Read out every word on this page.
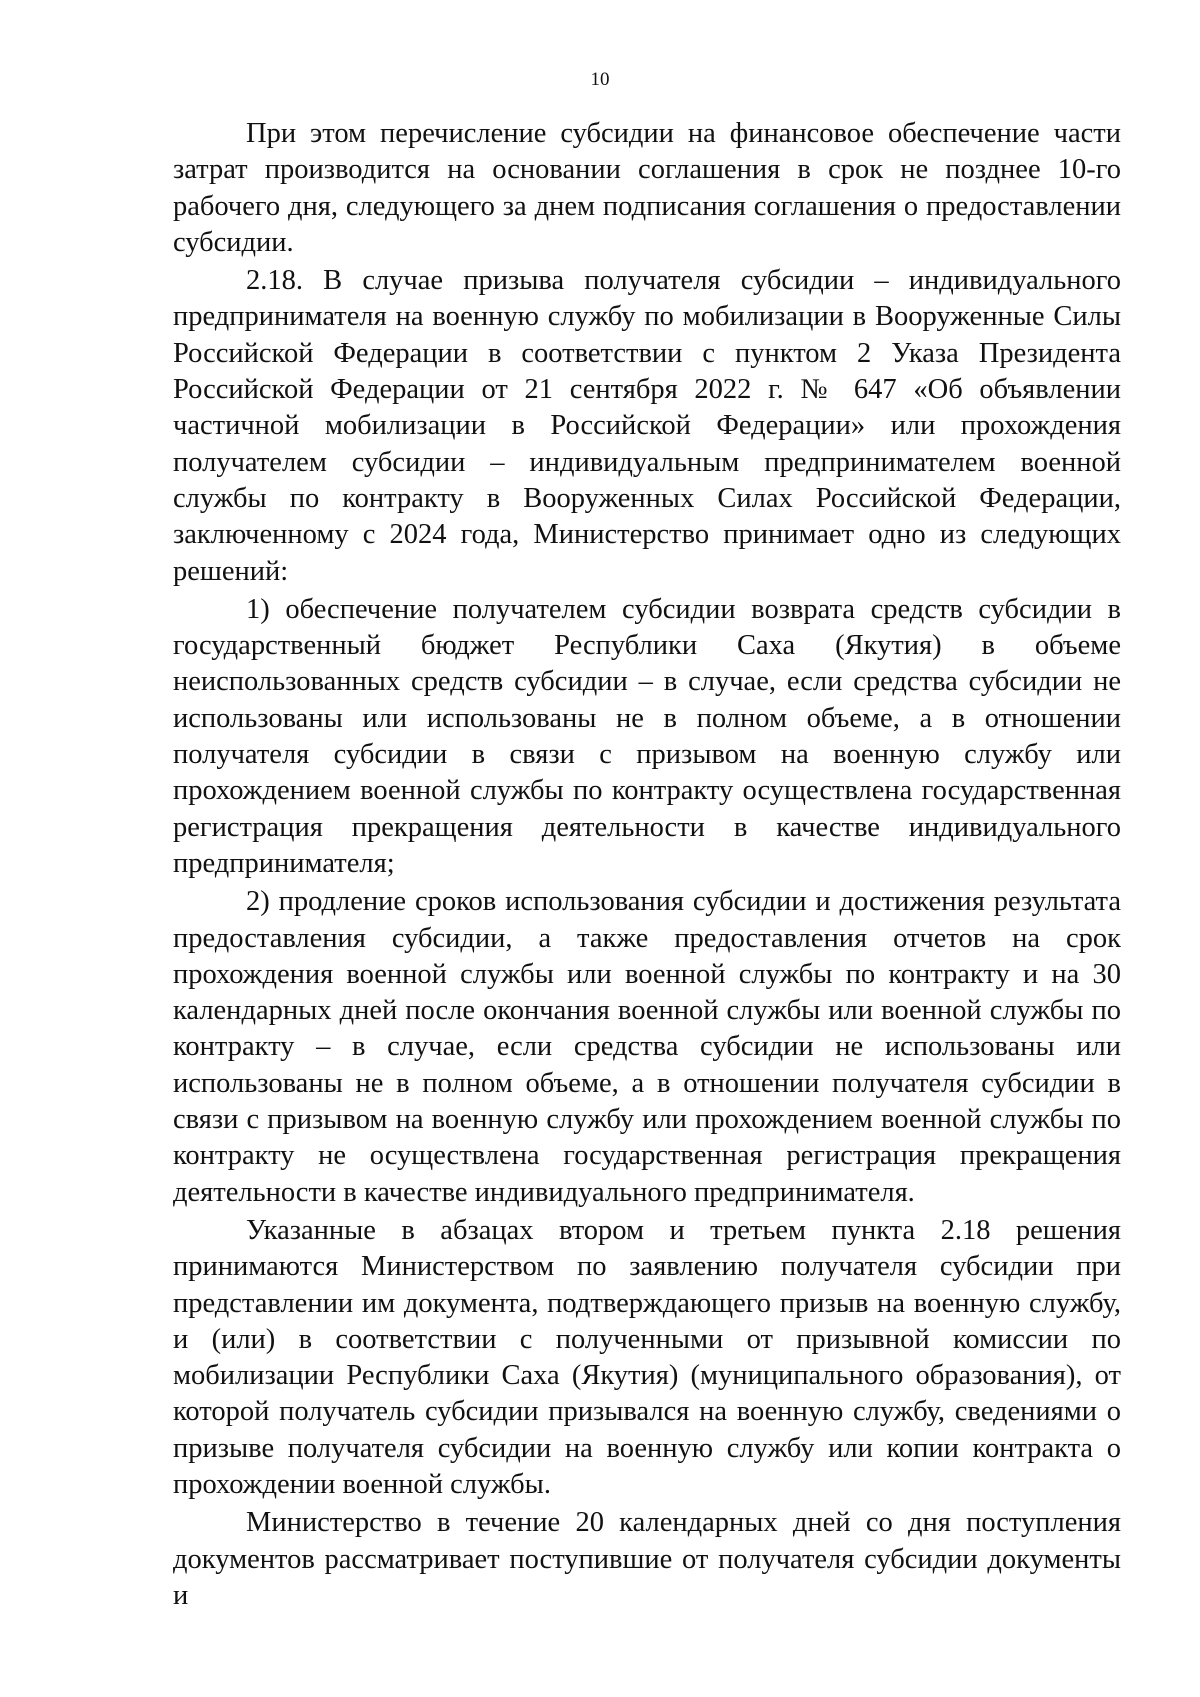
10

При этом перечисление субсидии на финансовое обеспечение части затрат производится на основании соглашения в срок не позднее 10-го рабочего дня, следующего за днем подписания соглашения о предоставлении субсидии.

2.18. В случае призыва получателя субсидии – индивидуального предпринимателя на военную службу по мобилизации в Вооруженные Силы Российской Федерации в соответствии с пунктом 2 Указа Президента Российской Федерации от 21 сентября 2022 г. № 647 «Об объявлении частичной мобилизации в Российской Федерации» или прохождения получателем субсидии – индивидуальным предпринимателем военной службы по контракту в Вооруженных Силах Российской Федерации, заключенному с 2024 года, Министерство принимает одно из следующих решений:

1) обеспечение получателем субсидии возврата средств субсидии в государственный бюджет Республики Саха (Якутия) в объеме неиспользованных средств субсидии – в случае, если средства субсидии не использованы или использованы не в полном объеме, а в отношении получателя субсидии в связи с призывом на военную службу или прохождением военной службы по контракту осуществлена государственная регистрация прекращения деятельности в качестве индивидуального предпринимателя;

2) продление сроков использования субсидии и достижения результата предоставления субсидии, а также предоставления отчетов на срок прохождения военной службы или военной службы по контракту и на 30 календарных дней после окончания военной службы или военной службы по контракту – в случае, если средства субсидии не использованы или использованы не в полном объеме, а в отношении получателя субсидии в связи с призывом на военную службу или прохождением военной службы по контракту не осуществлена государственная регистрация прекращения деятельности в качестве индивидуального предпринимателя.

Указанные в абзацах втором и третьем пункта 2.18 решения принимаются Министерством по заявлению получателя субсидии при представлении им документа, подтверждающего призыв на военную службу, и (или) в соответствии с полученными от призывной комиссии по мобилизации Республики Саха (Якутия) (муниципального образования), от которой получатель субсидии призывался на военную службу, сведениями о призыве получателя субсидии на военную службу или копии контракта о прохождении военной службы.

Министерство в течение 20 календарных дней со дня поступления документов рассматривает поступившие от получателя субсидии документы и
